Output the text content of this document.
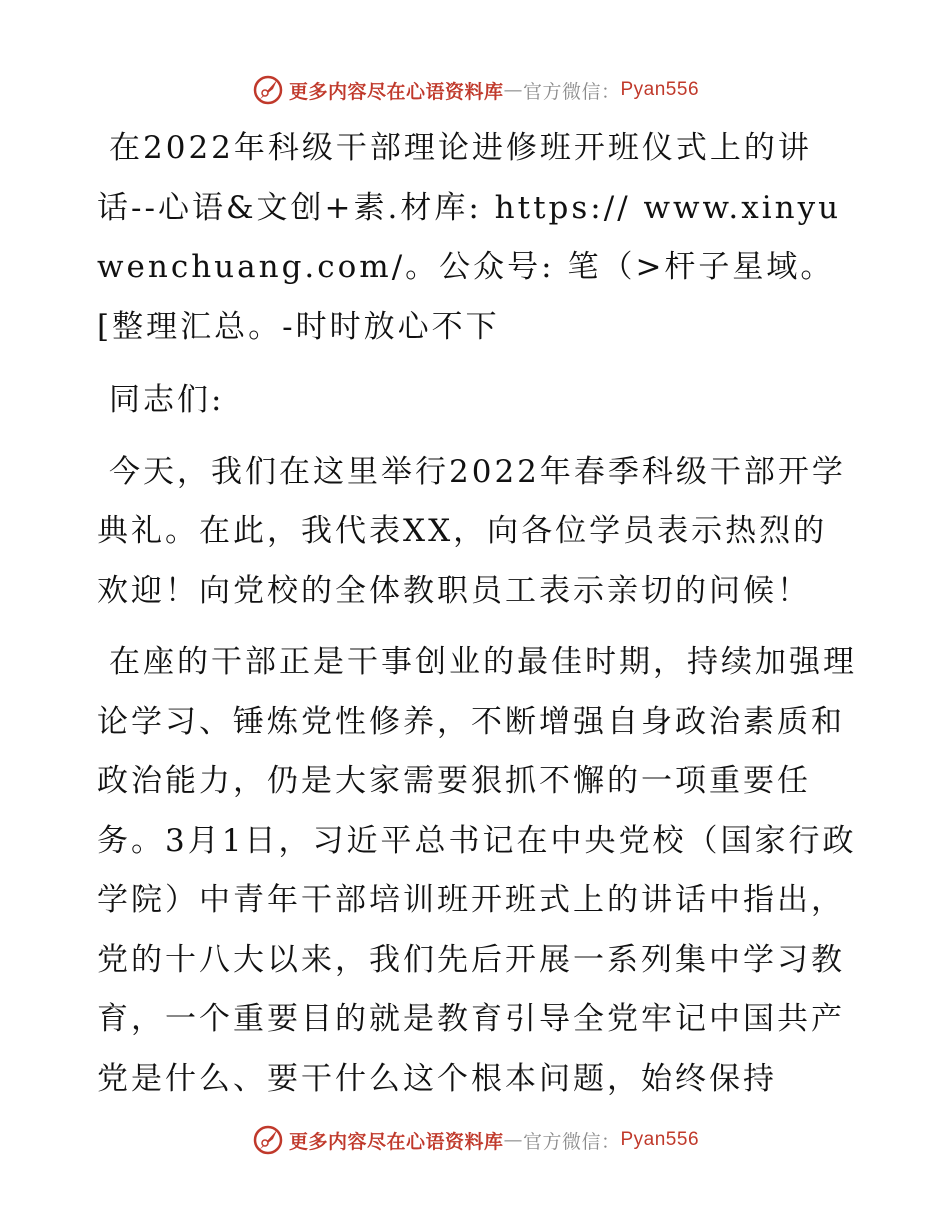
更多内容尽在心语资料库 — 官方微信： Pyan556

在2022年科级干部理论进修班开班仪式上的讲话--心语&文创+素.材库: https:// www.xinyuwenchuang.com/。公众号: 笔（>杆子星域。[整理汇总。-时时放心不下

同志们:

今天，我们在这里举行2022年春季科级干部开学典礼。在此，我代表XX，向各位学员表示热烈的欢迎！向党校的全体教职员工表示亲切的问候！

在座的干部正是干事创业的最佳时期，持续加强理论学习、锤炼党性修养，不断增强自身政治素质和政治能力，仍是大家需要狠抓不懈的一项重要任务。3月1日，习近平总书记在中央党校（国家行政学院）中青年干部培训班开班式上的讲话中指出，党的十八大以来，我们先后开展一系列集中学习教育，一个重要目的就是教育引导全党牢记中国共产党是什么、要干什么这个根本问题，始终保持

更多内容尽在心语资料库 — 官方微信： Pyan556
